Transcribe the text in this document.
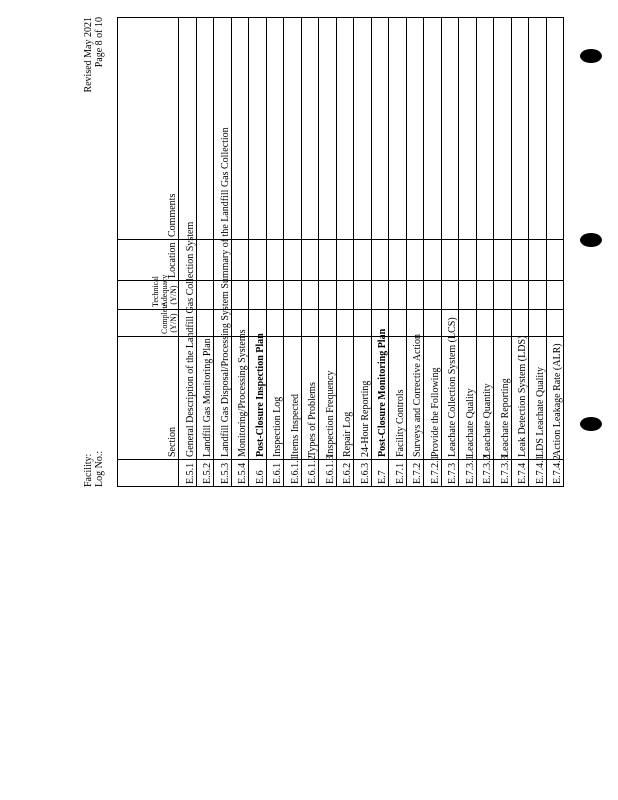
Facility: Log No.:
Revised May 2021 Page 8 of 10
	Section	Complete (Y/N)	Technical Adequacy (Y/N)	Location	Comments
E.5.1	General Description of the Landfill Gas Collection System				
E.5.2	Landfill Gas Monitoring Plan				
E.5.3	Landfill Gas Disposal/Processing System Summary of the Landfill Gas Collection				
E.5.4	Monitoring/Processing Systems				
E.6	Post-Closure Inspection Plan				
E.6.1	Inspection Log				
E.6.1.1	Items Inspected				
E.6.1.2	Types of Problems				
E.6.1.3	Inspection Frequency				
E.6.2	Repair Log				
E.6.3	24-Hour Reporting				
E.7	Post-Closure Monitoring Plan				
E.7.1	Facility Controls				
E.7.2	Surveys and Corrective Action				
E.7.2.1	Provide the Following				
E.7.3	Leachate Collection System (LCS)				
E.7.3.1	Leachate Quality				
E.7.3.2	Leachate Quantity				
E.7.3.3	Leachate Reporting				
E.7.4	Leak Detection System (LDS)				
E.7.4.1	LDS Leachate Quality				
E.7.4.2	Action Leakage Rate (ALR)				
